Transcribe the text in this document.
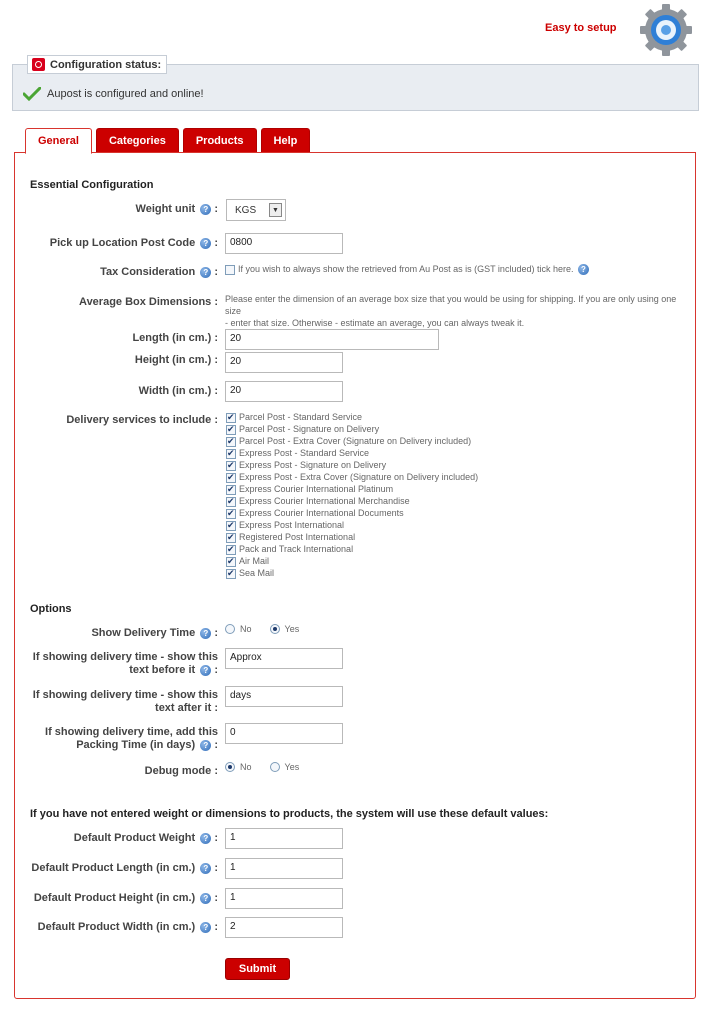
Easy to setup
Configuration status:
Aupost is configured and online!
General	Categories	Products	Help
Essential Configuration
Weight unit ? : KGS	▼
Pick up Location Post Code ? :	0800
Tax Consideration ? :	If you wish to always show the retrieved from Au Post as is (GST included) tick here. ?
Average Box Dimensions : Please enter the dimension of an average box size that you would be using for shipping. If you are only using one size
- enter that size. Otherwise - estimate an average, you can always tweak it.
Length (in cm.) :	20
Height (in cm.) :	20
Width (in cm.) :	20
Delivery services to include : ✔	Parcel Post - Standard Service
✔Parcel Post - Signature on Delivery
✔Parcel Post - Extra Cover (Signature on Delivery included)
✔Express Post - Standard Service
✔Express Post - Signature on Delivery
✔Express Post - Extra Cover (Signature on Delivery included)
✔Express Courier International Platinum
✔Express Courier International Merchandise
✔Express Courier International Documents
✔Express Post International
✔Registered Post International
✔Pack and Track International
✔Air Mail
✔Sea Mail
Options
Show Delivery Time ? : No	Yes
If showing delivery time - show this
text before it ? :
Approx
If showing delivery time - show this
text after it :
days
If showing delivery time, add this
Packing Time (in days) ? :
0
Debug mode : No	Yes
If you have not entered weight or dimensions to products, the system will use these default values:
Default Product Weight ? :	1
Default Product Length (in cm.) ? :	1
Default Product Height (in cm.) ? :	1
Default Product Width (in cm.) ? :	2
Submit
